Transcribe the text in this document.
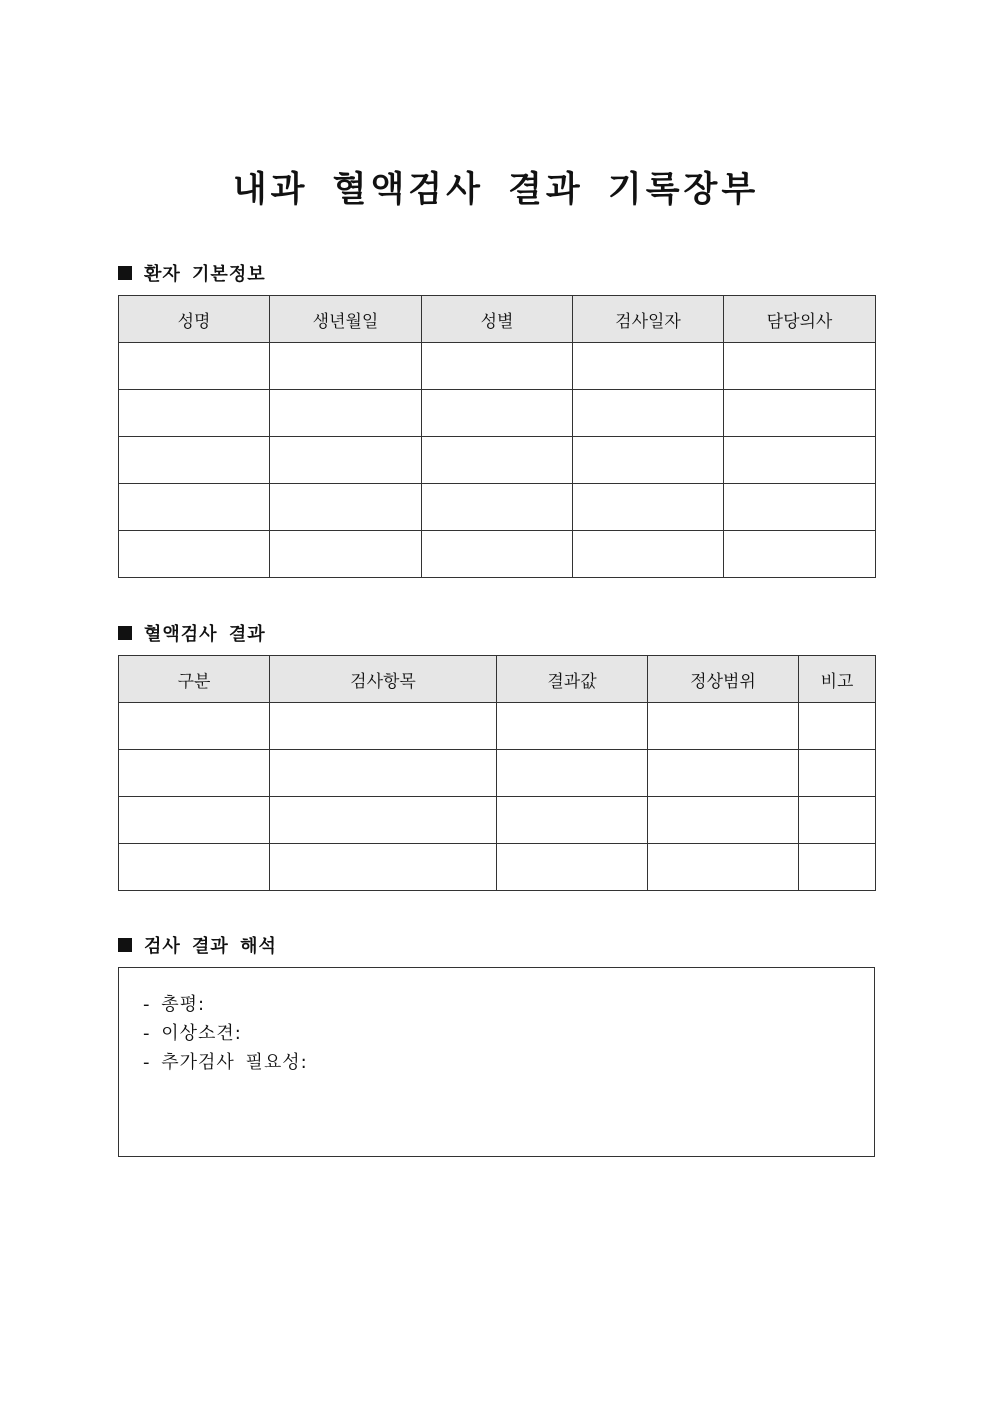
내과 혈액검사 결과 기록장부
환자 기본정보
성명	생년월일	성별	검사일자	담당의사

혈액검사 결과
구분	검사항목	결과값	정상범위	비고

검사 결과 해석
- 총평:
- 이상소견:
- 추가검사 필요성:
